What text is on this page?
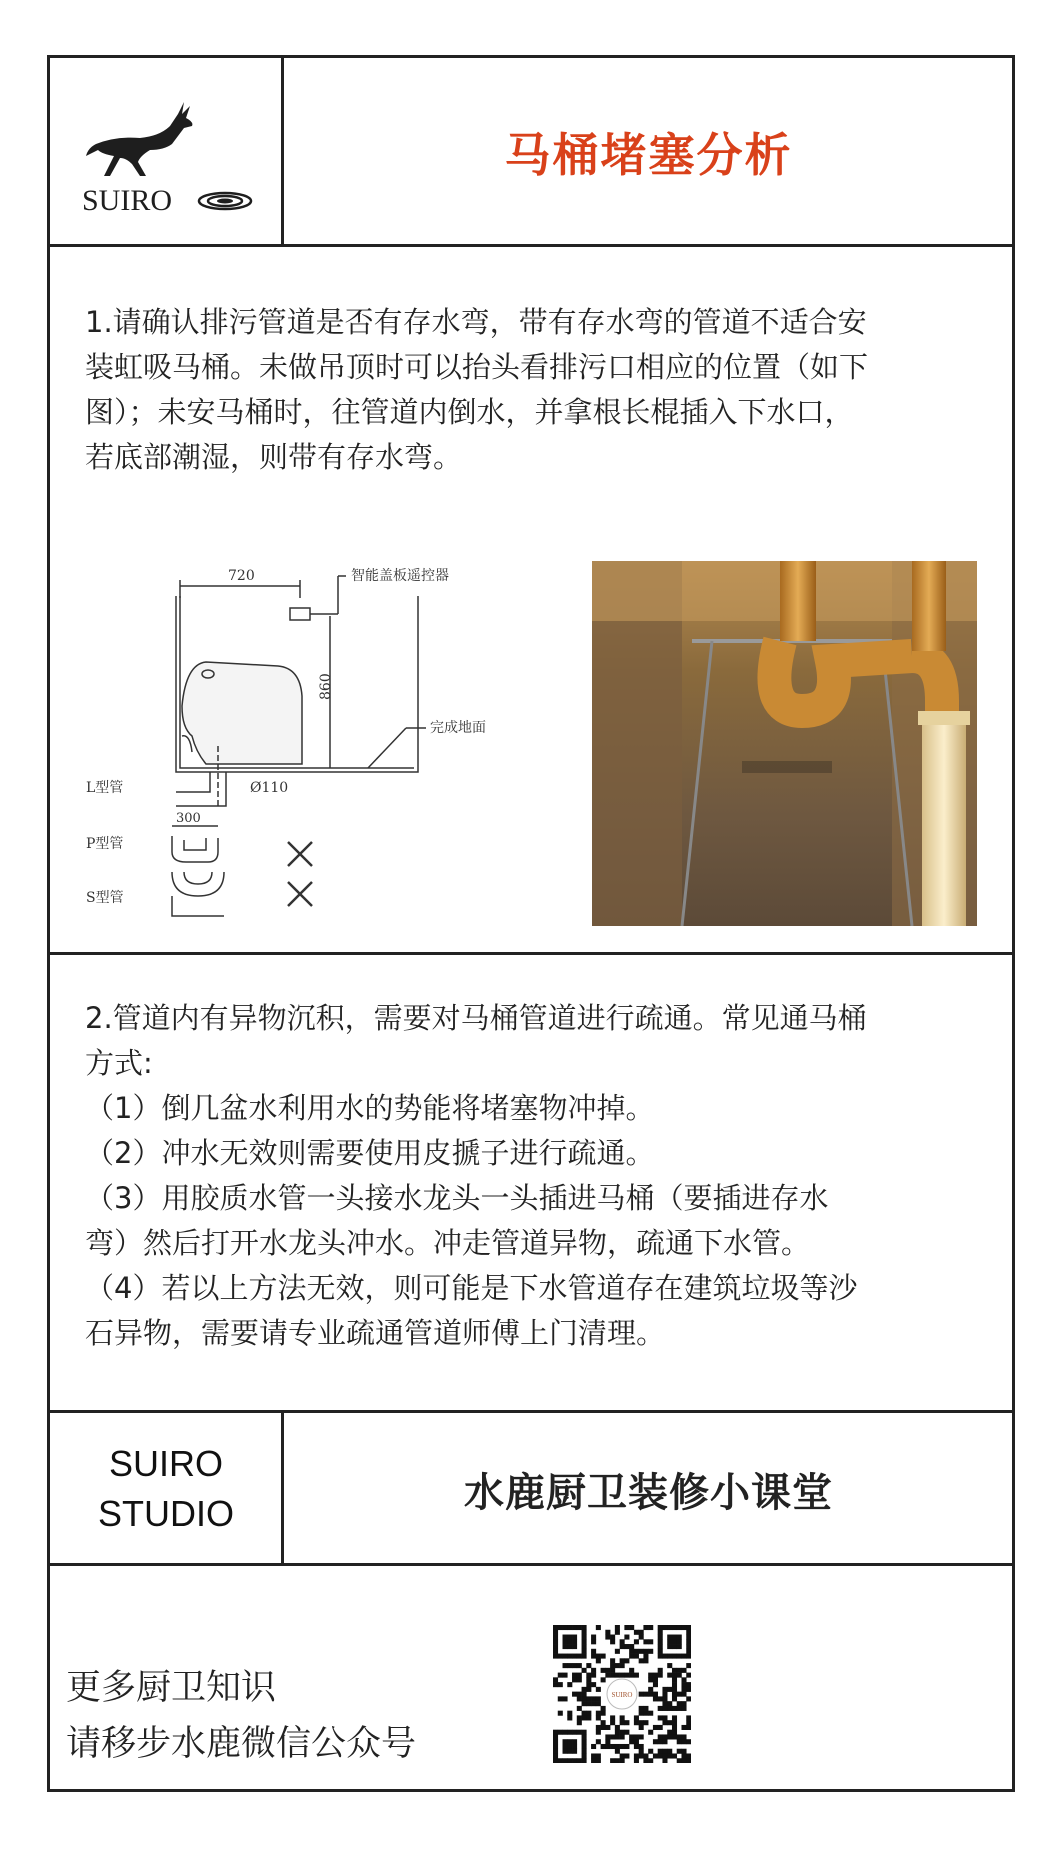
SUIRO
马桶堵塞分析
1.请确认排污管道是否有存水弯，带有存水弯的管道不适合安
装虹吸马桶。未做吊顶时可以抬头看排污口相应的位置（如下
图）；未安马桶时，往管道内倒水，并拿根长棍插入下水口，
若底部潮湿，则带有存水弯。
720	智能盖板遥控器
860
完成地面
Ø110
300
L型管
P型管
S型管
2.管道内有异物沉积，需要对马桶管道进行疏通。常见通马桶
方式:
（1）倒几盆水利用水的势能将堵塞物冲掉。
（2）冲水无效则需要使用皮搋子进行疏通。
（3）用胶质水管一头接水龙头一头插进马桶（要插进存水
弯）然后打开水龙头冲水。冲走管道异物，疏通下水管。
（4）若以上方法无效，则可能是下水管道存在建筑垃圾等沙
石异物，需要请专业疏通管道师傅上门清理。
SUIRO
STUDIO	水鹿厨卫装修小课堂
更多厨卫知识
请移步水鹿微信公众号
SUIRO
